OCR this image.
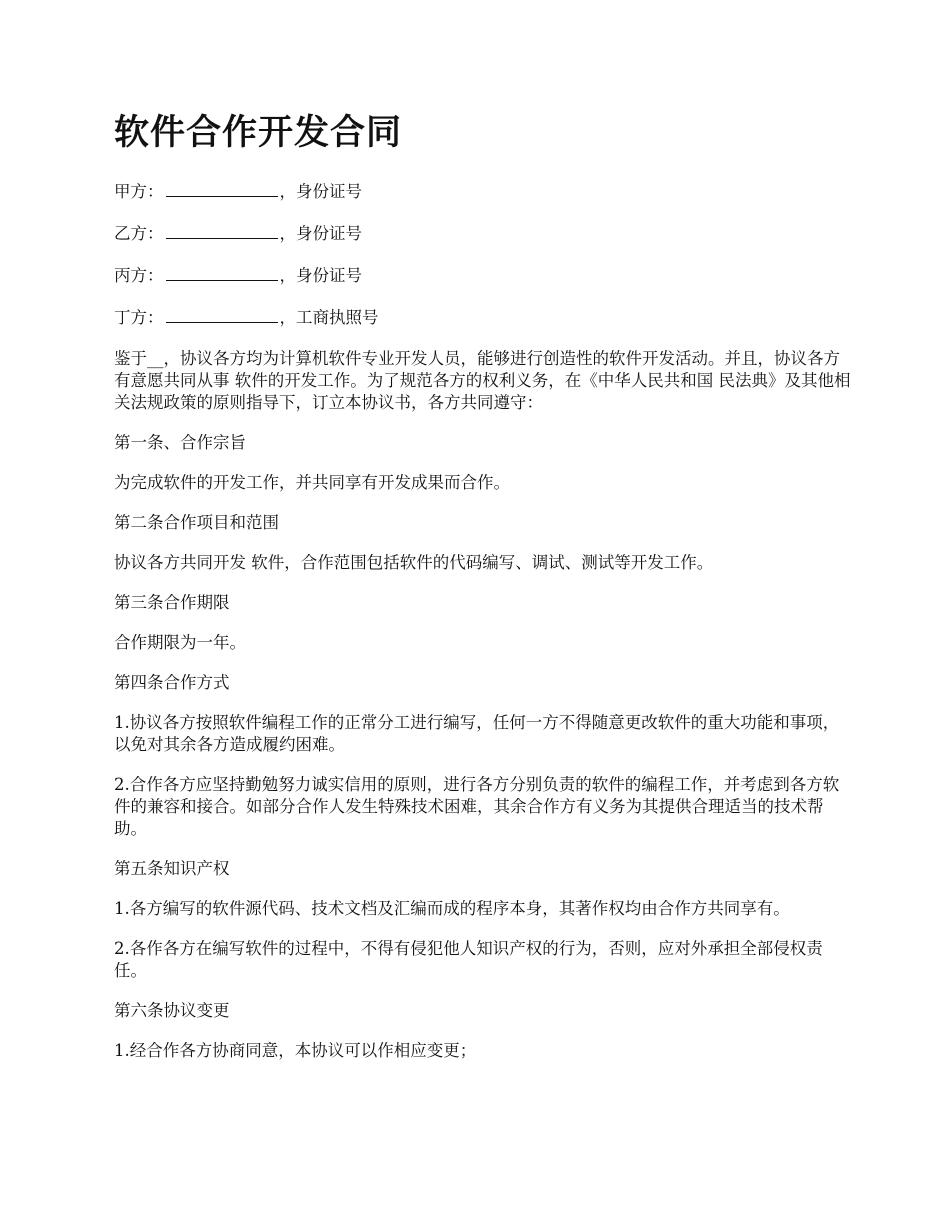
软件合作开发合同
甲方：	，身份证号
乙方：	，身份证号
丙方：	，身份证号
丁方：	，工商执照号

鉴于__，协议各方均为计算机软件专业开发人员，能够进行创造性的软件开发活动。并且，协议各方有意愿共同从事 软件的开发工作。为了规范各方的权利义务，在《中华人民共和国 民法典》及其他相关法规政策的原则指导下，订立本协议书，各方共同遵守：

第一条、合作宗旨

为完成软件的开发工作，并共同享有开发成果而合作。

第二条合作项目和范围

协议各方共同开发 软件，合作范围包括软件的代码编写、调试、测试等开发工作。

第三条合作期限

合作期限为一年。

第四条合作方式

1.协议各方按照软件编程工作的正常分工进行编写，任何一方不得随意更改软件的重大功能和事项，以免对其余各方造成履约困难。

2.合作各方应坚持勤勉努力诚实信用的原则，进行各方分别负责的软件的编程工作，并考虑到各方软件的兼容和接合。如部分合作人发生特殊技术困难，其余合作方有义务为其提供合理适当的技术帮助。

第五条知识产权

1.各方编写的软件源代码、技术文档及汇编而成的程序本身，其著作权均由合作方共同享有。

2.各作各方在编写软件的过程中，不得有侵犯他人知识产权的行为，否则，应对外承担全部侵权责任。

第六条协议变更

1.经合作各方协商同意，本协议可以作相应变更；
